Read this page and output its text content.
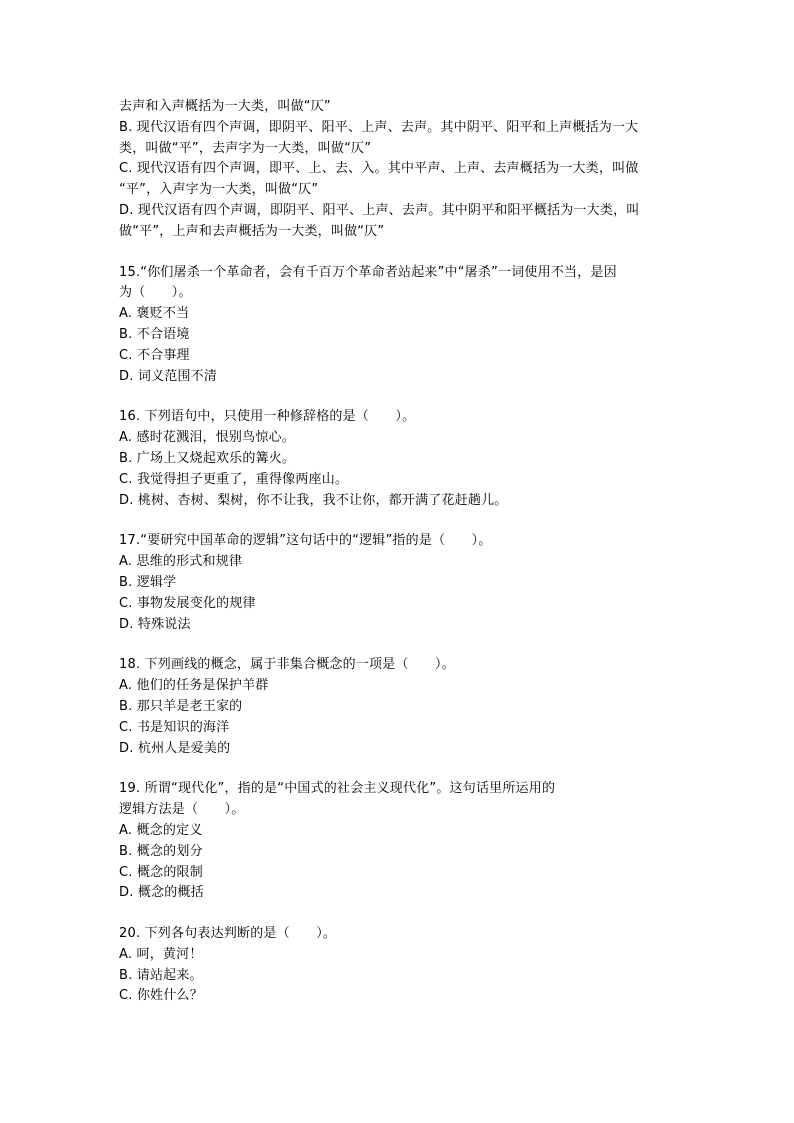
去声和入声概括为一大类，叫做“仄”
B. 现代汉语有四个声调，即阴平、阳平、上声、去声。其中阴平、阳平和上声概括为一大
类，叫做“平”，去声字为一大类，叫做“仄”
C. 现代汉语有四个声调，即平、上、去、入。其中平声、上声、去声概括为一大类，叫做
“平”，入声字为一大类，叫做“仄”
D. 现代汉语有四个声调，即阴平、阳平、上声、去声。其中阴平和阳平概括为一大类，叫
做“平”，上声和去声概括为一大类，叫做“仄”
15.“你们屠杀一个革命者，会有千百万个革命者站起来”中“屠杀”一词使用不当，是因
为（　　）。
A. 褒贬不当
B. 不合语境
C. 不合事理
D. 词义范围不清
16. 下列语句中，只使用一种修辞格的是（　　）。
A. 感时花溅泪，恨别鸟惊心。
B. 广场上又烧起欢乐的篝火。
C. 我觉得担子更重了，重得像两座山。
D. 桃树、杏树、梨树，你不让我，我不让你，都开满了花赶趟儿。
17.“要研究中国革命的逻辑”这句话中的“逻辑”指的是（　　）。
A. 思维的形式和规律
B. 逻辑学
C. 事物发展变化的规律
D. 特殊说法
18. 下列画线的概念，属于非集合概念的一项是（　　）。
A. 他们的任务是保护羊群
B. 那只羊是老王家的
C. 书是知识的海洋
D. 杭州人是爱美的
19. 所谓“现代化”，指的是“中国式的社会主义现代化”。这句话里所运用的
逻辑方法是（　　）。
A. 概念的定义
B. 概念的划分
C. 概念的限制
D. 概念的概括
20. 下列各句表达判断的是（　　）。
A. 呵，黄河！
B. 请站起来。
C. 你姓什么？
